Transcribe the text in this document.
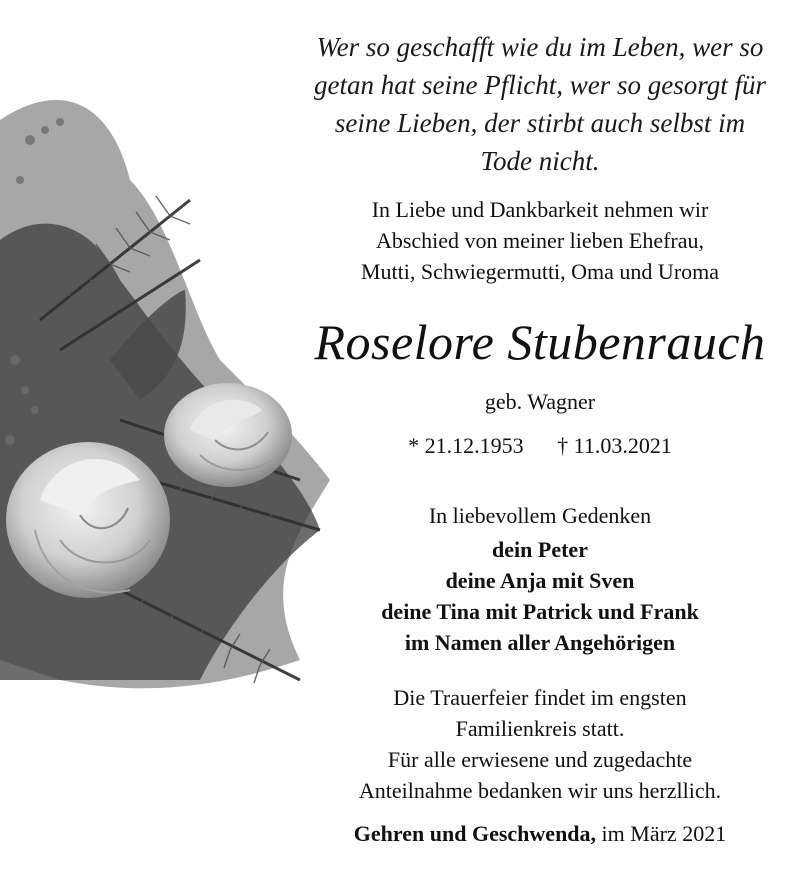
Wer so geschafft wie du im Leben, wer so
getan hat seine Pflicht, wer so gesorgt für
seine Lieben, der stirbt auch selbst im
Tode nicht.
In Liebe und Dankbarkeit nehmen wir
Abschied von meiner lieben Ehefrau,
Mutti, Schwiegermutti, Oma und Uroma
Roselore Stubenrauch
geb. Wagner
* 21.12.1953 † 11.03.2021
In liebevollem Gedenken
dein Peter
deine Anja mit Sven
deine Tina mit Patrick und Frank
im Namen aller Angehörigen
Die Trauerfeier findet im engsten
Familienkreis statt.
Für alle erwiesene und zugedachte
Anteilnahme bedanken wir uns herzllich.
Gehren und Geschwenda, im März 2021
